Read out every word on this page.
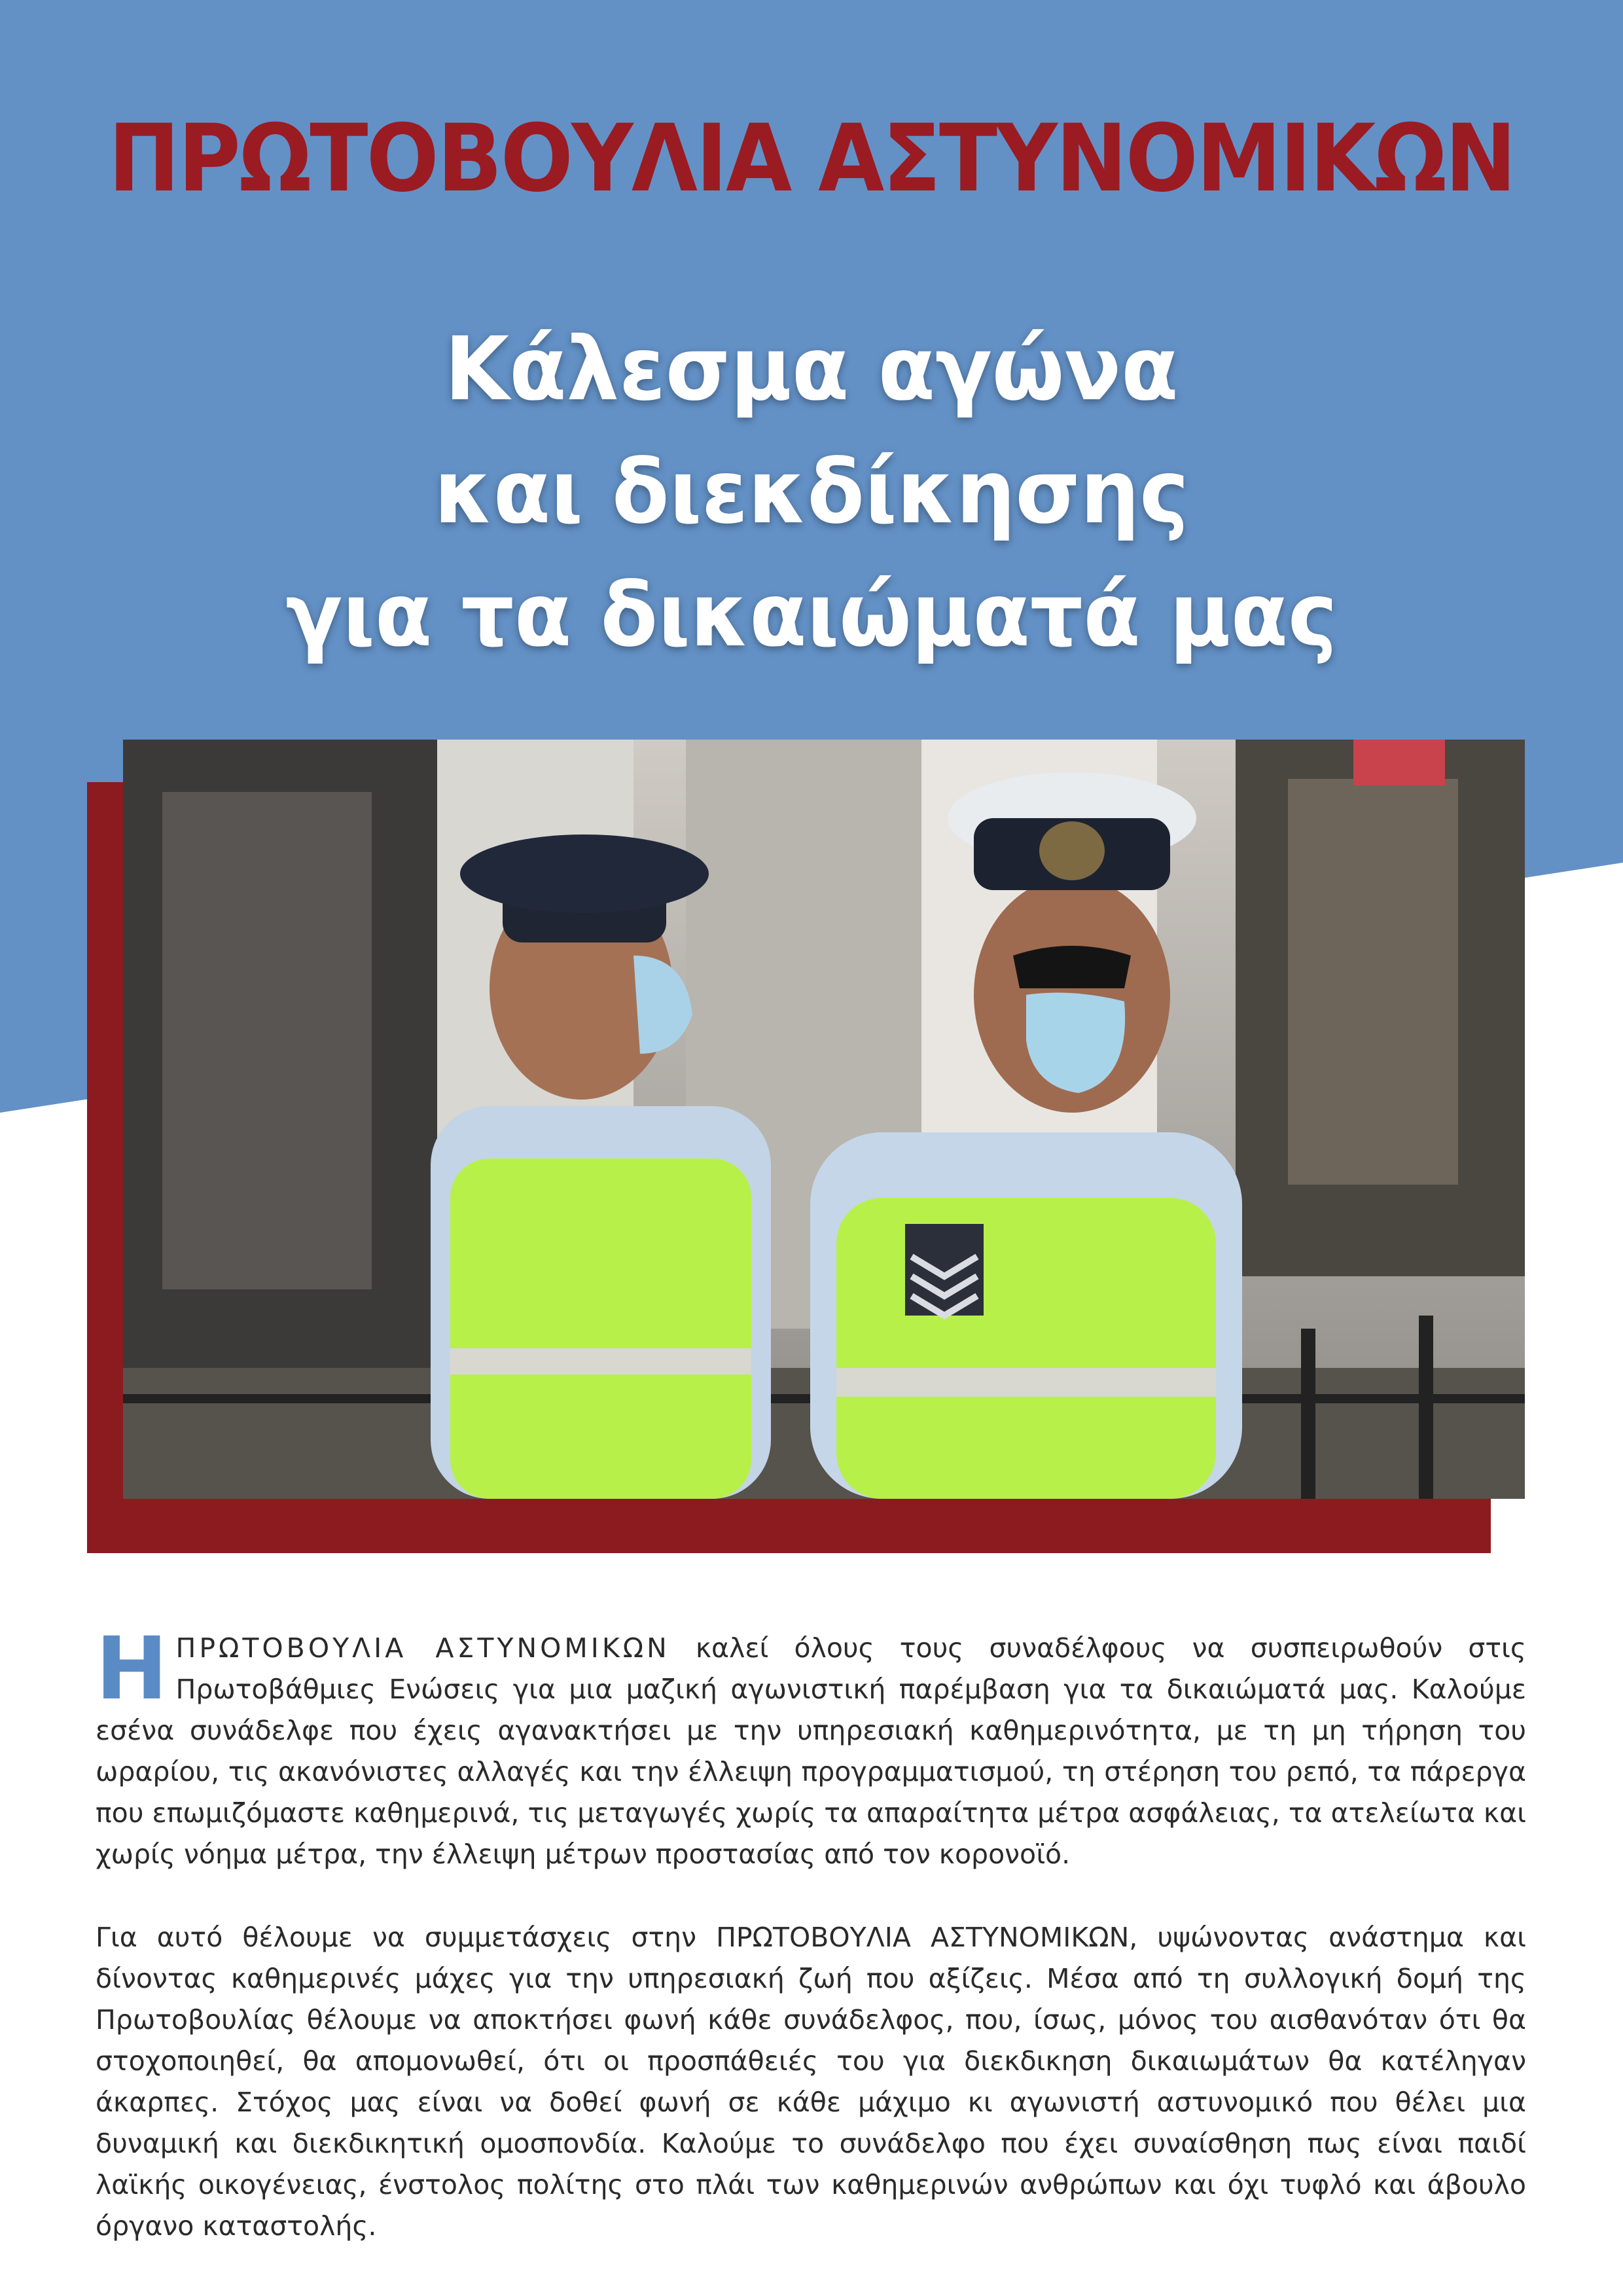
ΠΡΩΤΟΒΟΥΛΙΑ ΑΣΤΥΝΟΜΙΚΩΝ
Κάλεσμα αγώνα
και διεκδίκησης
για τα δικαιώματά μας

ΗΠΡΩΤΟΒΟΥΛΙΑ ΑΣΤΥΝΟΜΙΚΩΝ καλεί όλους τους συναδέλφους να συσπειρωθούν στις Πρωτοβάθμιες Ενώσεις για μια μαζική αγωνιστική παρέμβαση για τα δικαιώματά μας. Καλούμε εσένα συνάδελφε που έχεις αγανακτήσει με την υπηρεσιακή καθημερινότητα, με τη μη τήρηση του ωραρίου, τις ακανόνιστες αλλαγές και την έλλειψη προγραμματισμού, τη στέρηση του ρεπό, τα πάρεργα που επωμιζόμαστε καθημερινά, τις μεταγωγές χωρίς τα απαραίτητα μέτρα ασφάλειας, τα ατελείωτα και χωρίς νόημα μέτρα, την έλλειψη μέτρων προστασίας από τον κορονοϊό.

Για αυτό θέλουμε να συμμετάσχεις στην ΠΡΩΤΟΒΟΥΛΙΑ ΑΣΤΥΝΟΜΙΚΩΝ, υψώνοντας ανάστημα και δίνοντας καθημερινές μάχες για την υπηρεσιακή ζωή που αξίζεις. Μέσα από τη συλλογική δομή της Πρωτοβουλίας θέλουμε να αποκτήσει φωνή κάθε συνάδελφος, που, ίσως, μόνος του αισθανόταν ότι θα στοχοποιηθεί, θα απομονωθεί, ότι οι προσπάθειές του για διεκδικηση δικαιωμάτων θα κατέληγαν άκαρπες. Στόχος μας είναι να δοθεί φωνή σε κάθε μάχιμο κι αγωνιστή αστυνομικό που θέλει μια δυναμική και διεκδικητική ομοσπονδία. Καλούμε το συνάδελφο που έχει συναίσθηση πως είναι παιδί λαϊκής οικογένειας, ένστολος πολίτης στο πλάι των καθημερινών ανθρώπων και όχι τυφλό και άβουλο όργανο καταστολής.
